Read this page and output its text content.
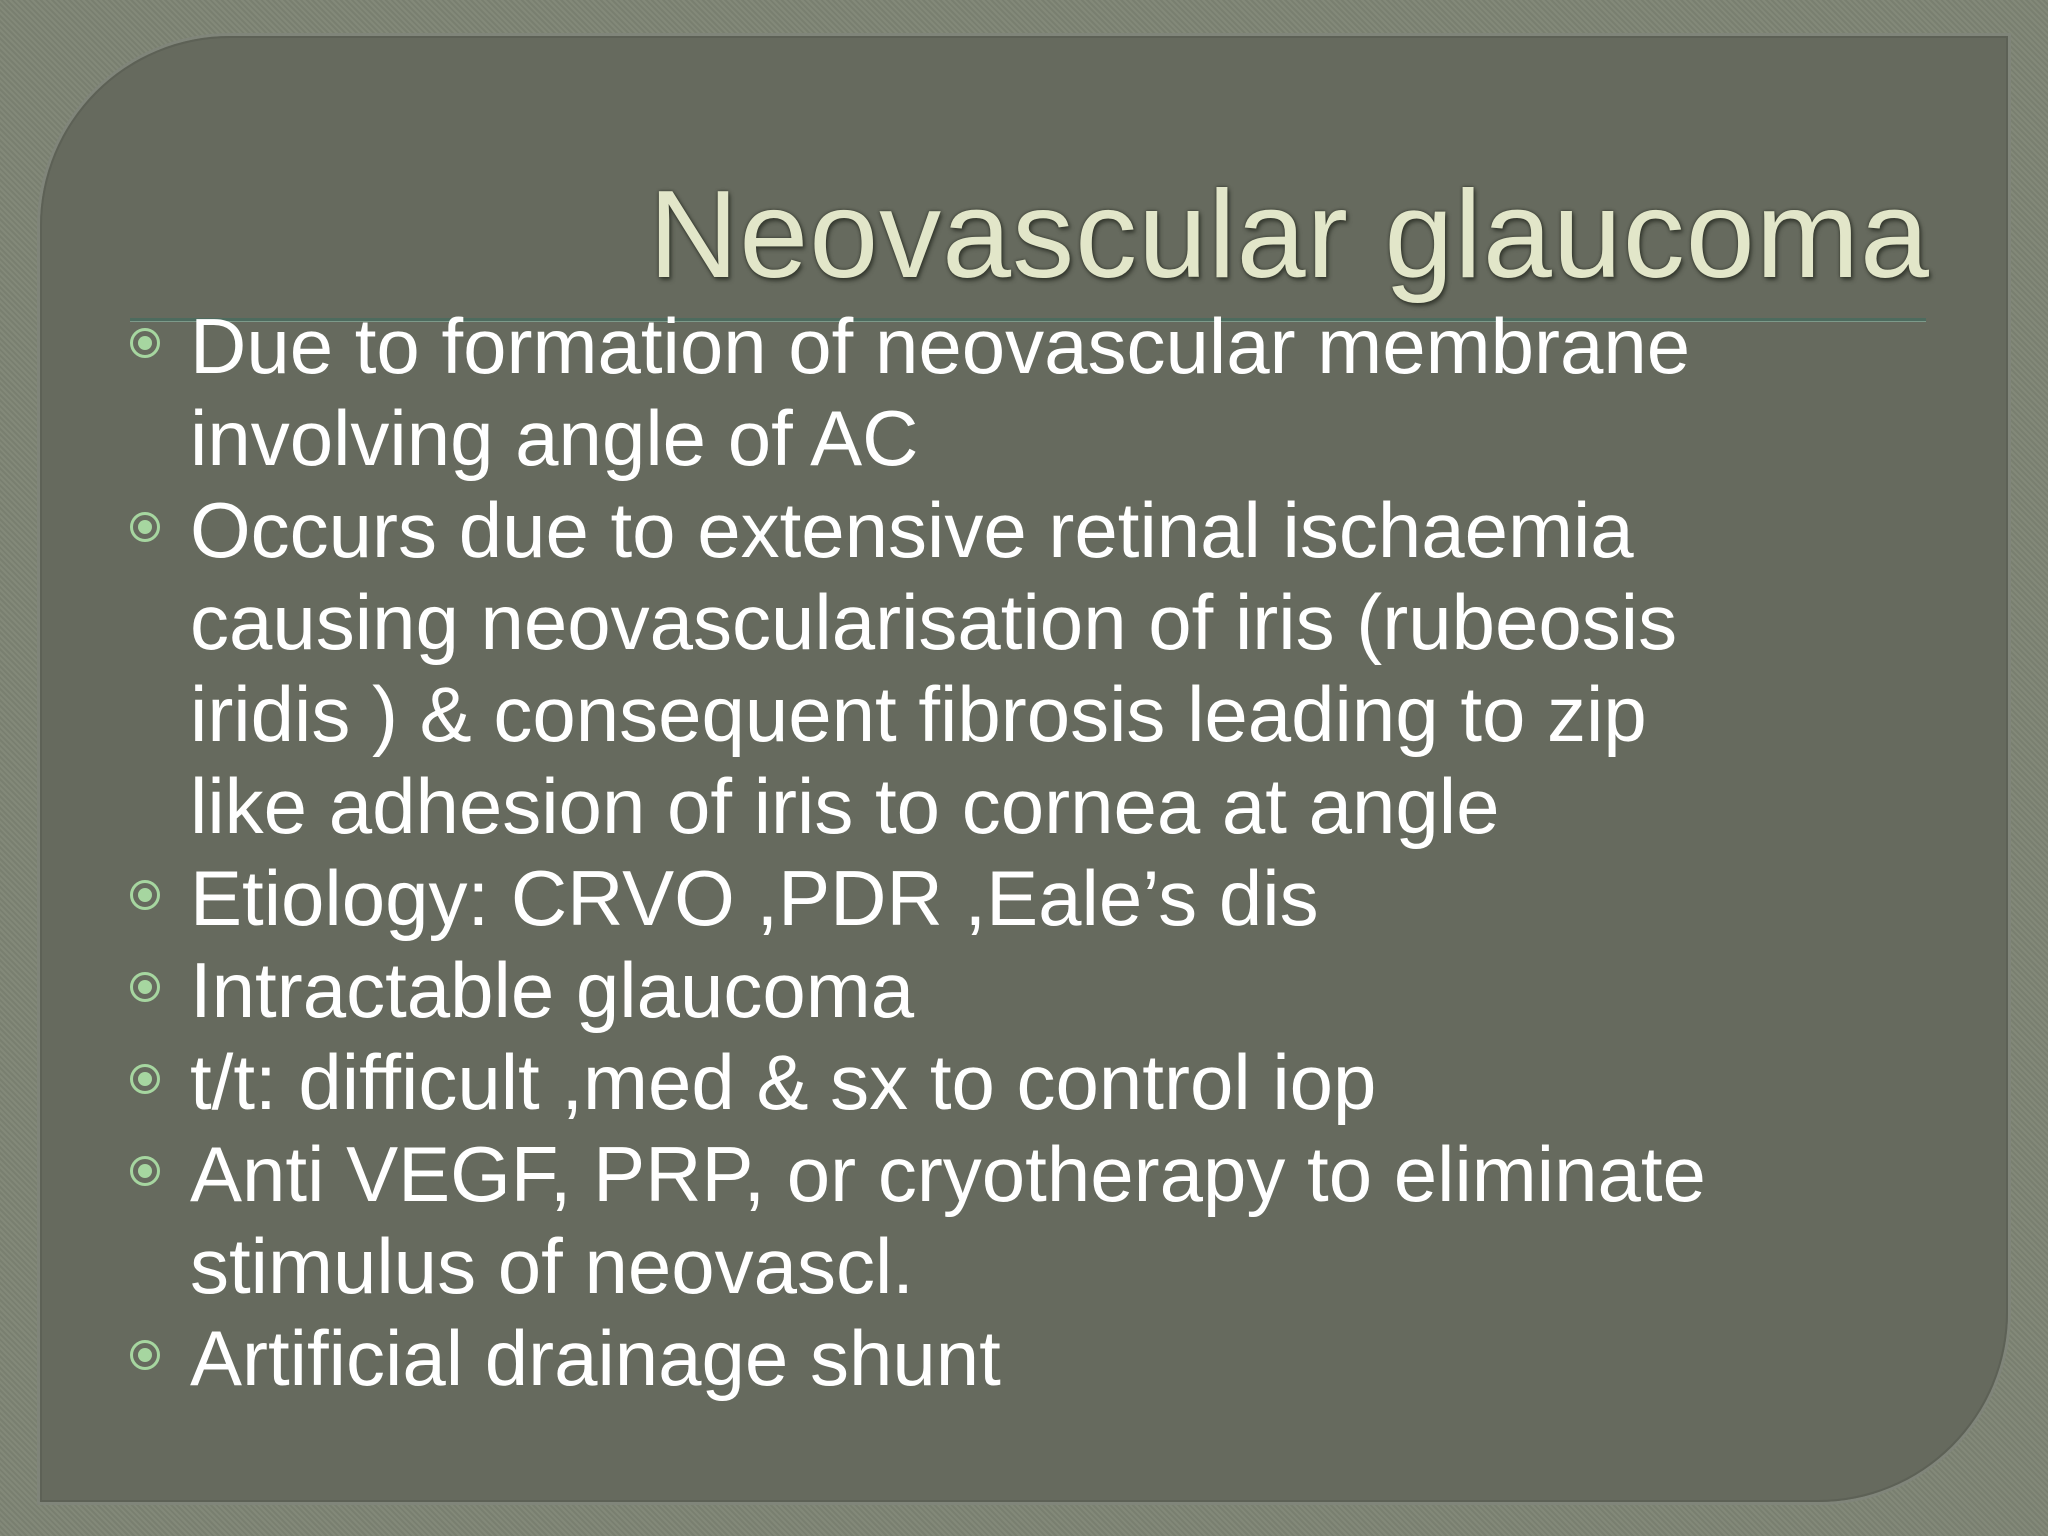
Neovascular glaucoma
Due to formation of neovascular membrane
involving angle of AC
Occurs due to extensive retinal ischaemia
causing neovascularisation of iris (rubeosis
iridis ) & consequent fibrosis leading to zip
like adhesion of iris to cornea at angle
Etiology: CRVO ,PDR ,Eale’s dis
Intractable glaucoma
t/t: difficult ,med & sx to control iop
Anti VEGF, PRP, or cryotherapy to eliminate
stimulus of neovascl.
Artificial drainage shunt
